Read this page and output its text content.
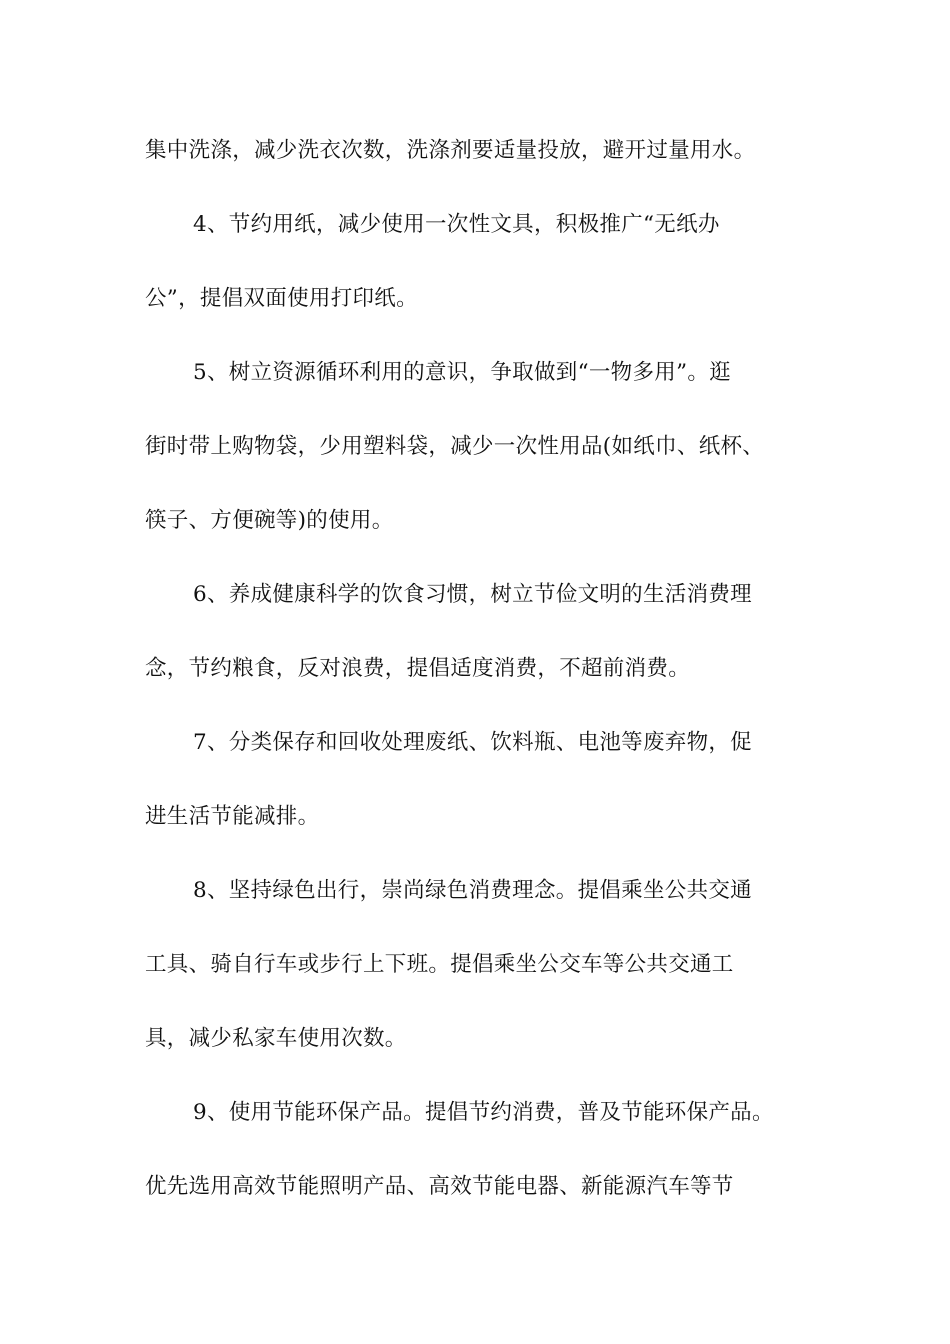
集中洗涤，减少洗衣次数，洗涤剂要适量投放，避开过量用水。
4、节约用纸，减少使用一次性文具，积极推广“无纸办
公”，提倡双面使用打印纸。
5、树立资源循环利用的意识，争取做到“一物多用”。逛
街时带上购物袋，少用塑料袋，减少一次性用品(如纸巾、纸杯、
筷子、方便碗等)的使用。
6、养成健康科学的饮食习惯，树立节俭文明的生活消费理
念，节约粮食，反对浪费，提倡适度消费，不超前消费。
7、分类保存和回收处理废纸、饮料瓶、电池等废弃物，促
进生活节能减排。
8、坚持绿色出行，崇尚绿色消费理念。提倡乘坐公共交通
工具、骑自行车或步行上下班。提倡乘坐公交车等公共交通工
具，减少私家车使用次数。
9、使用节能环保产品。提倡节约消费，普及节能环保产品。
优先选用高效节能照明产品、高效节能电器、新能源汽车等节
